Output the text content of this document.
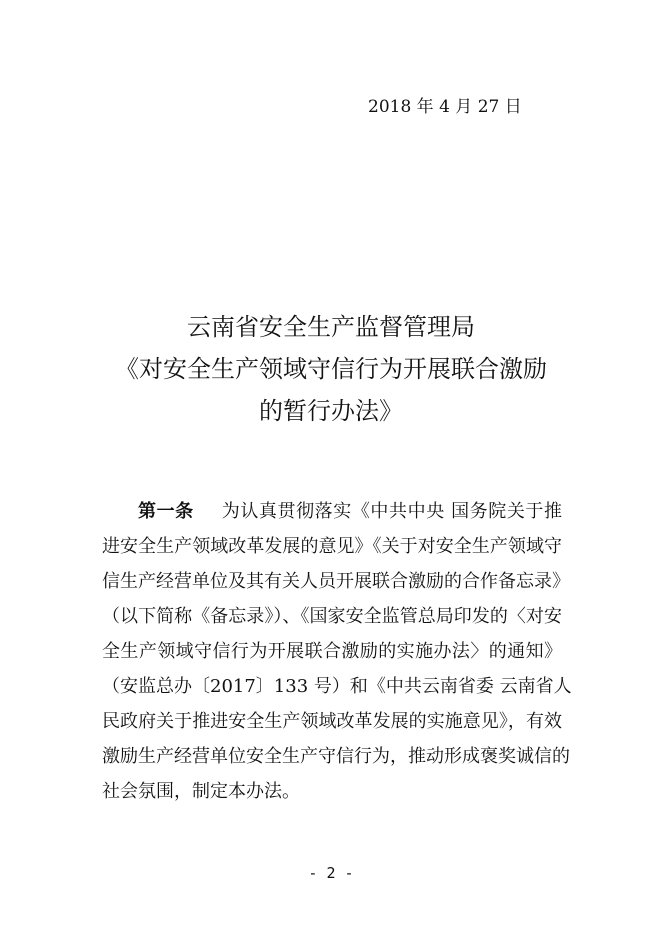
2018 年 4 月 27 日
云南省安全生产监督管理局
《对安全生产领域守信行为开展联合激励
的暂行办法》
第一条 为认真贯彻落实《中共中央 国务院关于推
进安全生产领域改革发展的意见》《关于对安全生产领域守
信生产经营单位及其有关人员开展联合激励的合作备忘录》
（以下简称《备忘录》）、《国家安全监管总局印发的〈对安
全生产领域守信行为开展联合激励的实施办法〉的通知》
（安监总办〔2017〕133 号）和《中共云南省委 云南省人
民政府关于推进安全生产领域改革发展的实施意见》，有效
激励生产经营单位安全生产守信行为，推动形成褒奖诚信的
社会氛围，制定本办法。
- 2 -
